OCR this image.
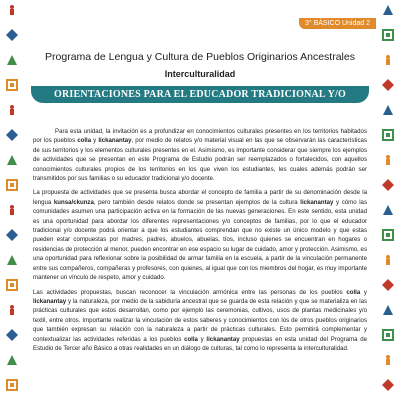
3° BÁSICO Unidad 2
Programa de Lengua y Cultura de Pueblos Originarios Ancestrales
Interculturalidad
ORIENTACIONES PARA EL EDUCADOR TRADICIONAL Y/O DOCENTE

Para esta unidad, la invitación es a profundizar en conocimientos culturales presentes en los territorios habitados por los pueblos colla y lickanantay, por medio de relatos y/o material visual en las que se observarán las características de sus territorios y los elementos culturales presentes en el. Asimismo, es importante considerar que siempre los ejemplos de actividades que se presentan en este Programa de Estudio podrán ser reemplazados o fortalecidos, con aquellos conocimientos culturales propios de los territorios en los que viven los estudiantes, les cuales además podrán ser transmitidos por sus familias o su educador tradicional y/o docente.

La propuesta de actividades que se presenta busca abordar el concepto de familia a partir de su denominación desde la lengua kunsa/ckunza, pero también desde relatos donde se presentan ejemplos de la cultura lickanantay y cómo las comunidades asumen una participación activa en la formación de las nuevas generaciones. En este sentido, esta unidad es una oportunidad para abordar los diferentes representaciones y/o conceptos de familias, por lo que el educador tradicional y/o docente podrá orientar a que los estudiantes comprendan que no existe un único modelo y que estas pueden estar compuestas por madres, padres, abuelos, abuelas, tíos, incluso quienes se encuentran en hogares o residencias de protección al menor, pueden encontrar en ese espacio su lugar de cuidado, amor y protección. Asimismo, es una oportunidad para reflexionar sobre la posibilidad de armar familia en la escuela, a partir de la vinculación permanente entre sus compañeros, compañeras y profesores, con quienes, al igual que con los miembros del hogar, es muy importante mantener un vínculo de respeto, amor y cuidado.

Las actividades propuestas, buscan reconocer la vinculación armónica entre las personas de los pueblos colla y lickanantay y la naturaleza, por medio de la sabiduría ancestral que se guarda de esta relación y que se materializa en las prácticas culturales que estos desarrollan, como por ejemplo las ceremonias, cultivos, usos de plantas medicinales y/o textil, entre otros. Importante realizar la vinculación de estos saberes y conocimientos con los de otros pueblos originarios que también expresan su relación con la naturaleza a partir de prácticas culturales. Esto permitirá complementar y contextualizar las actividades referidas a los pueblos colla y lickanantay propuestas en esta unidad del Programa de Estudio de Tercer año Básico a otras realidades en un diálogo de culturas, tal como lo representa la interculturalidad.
